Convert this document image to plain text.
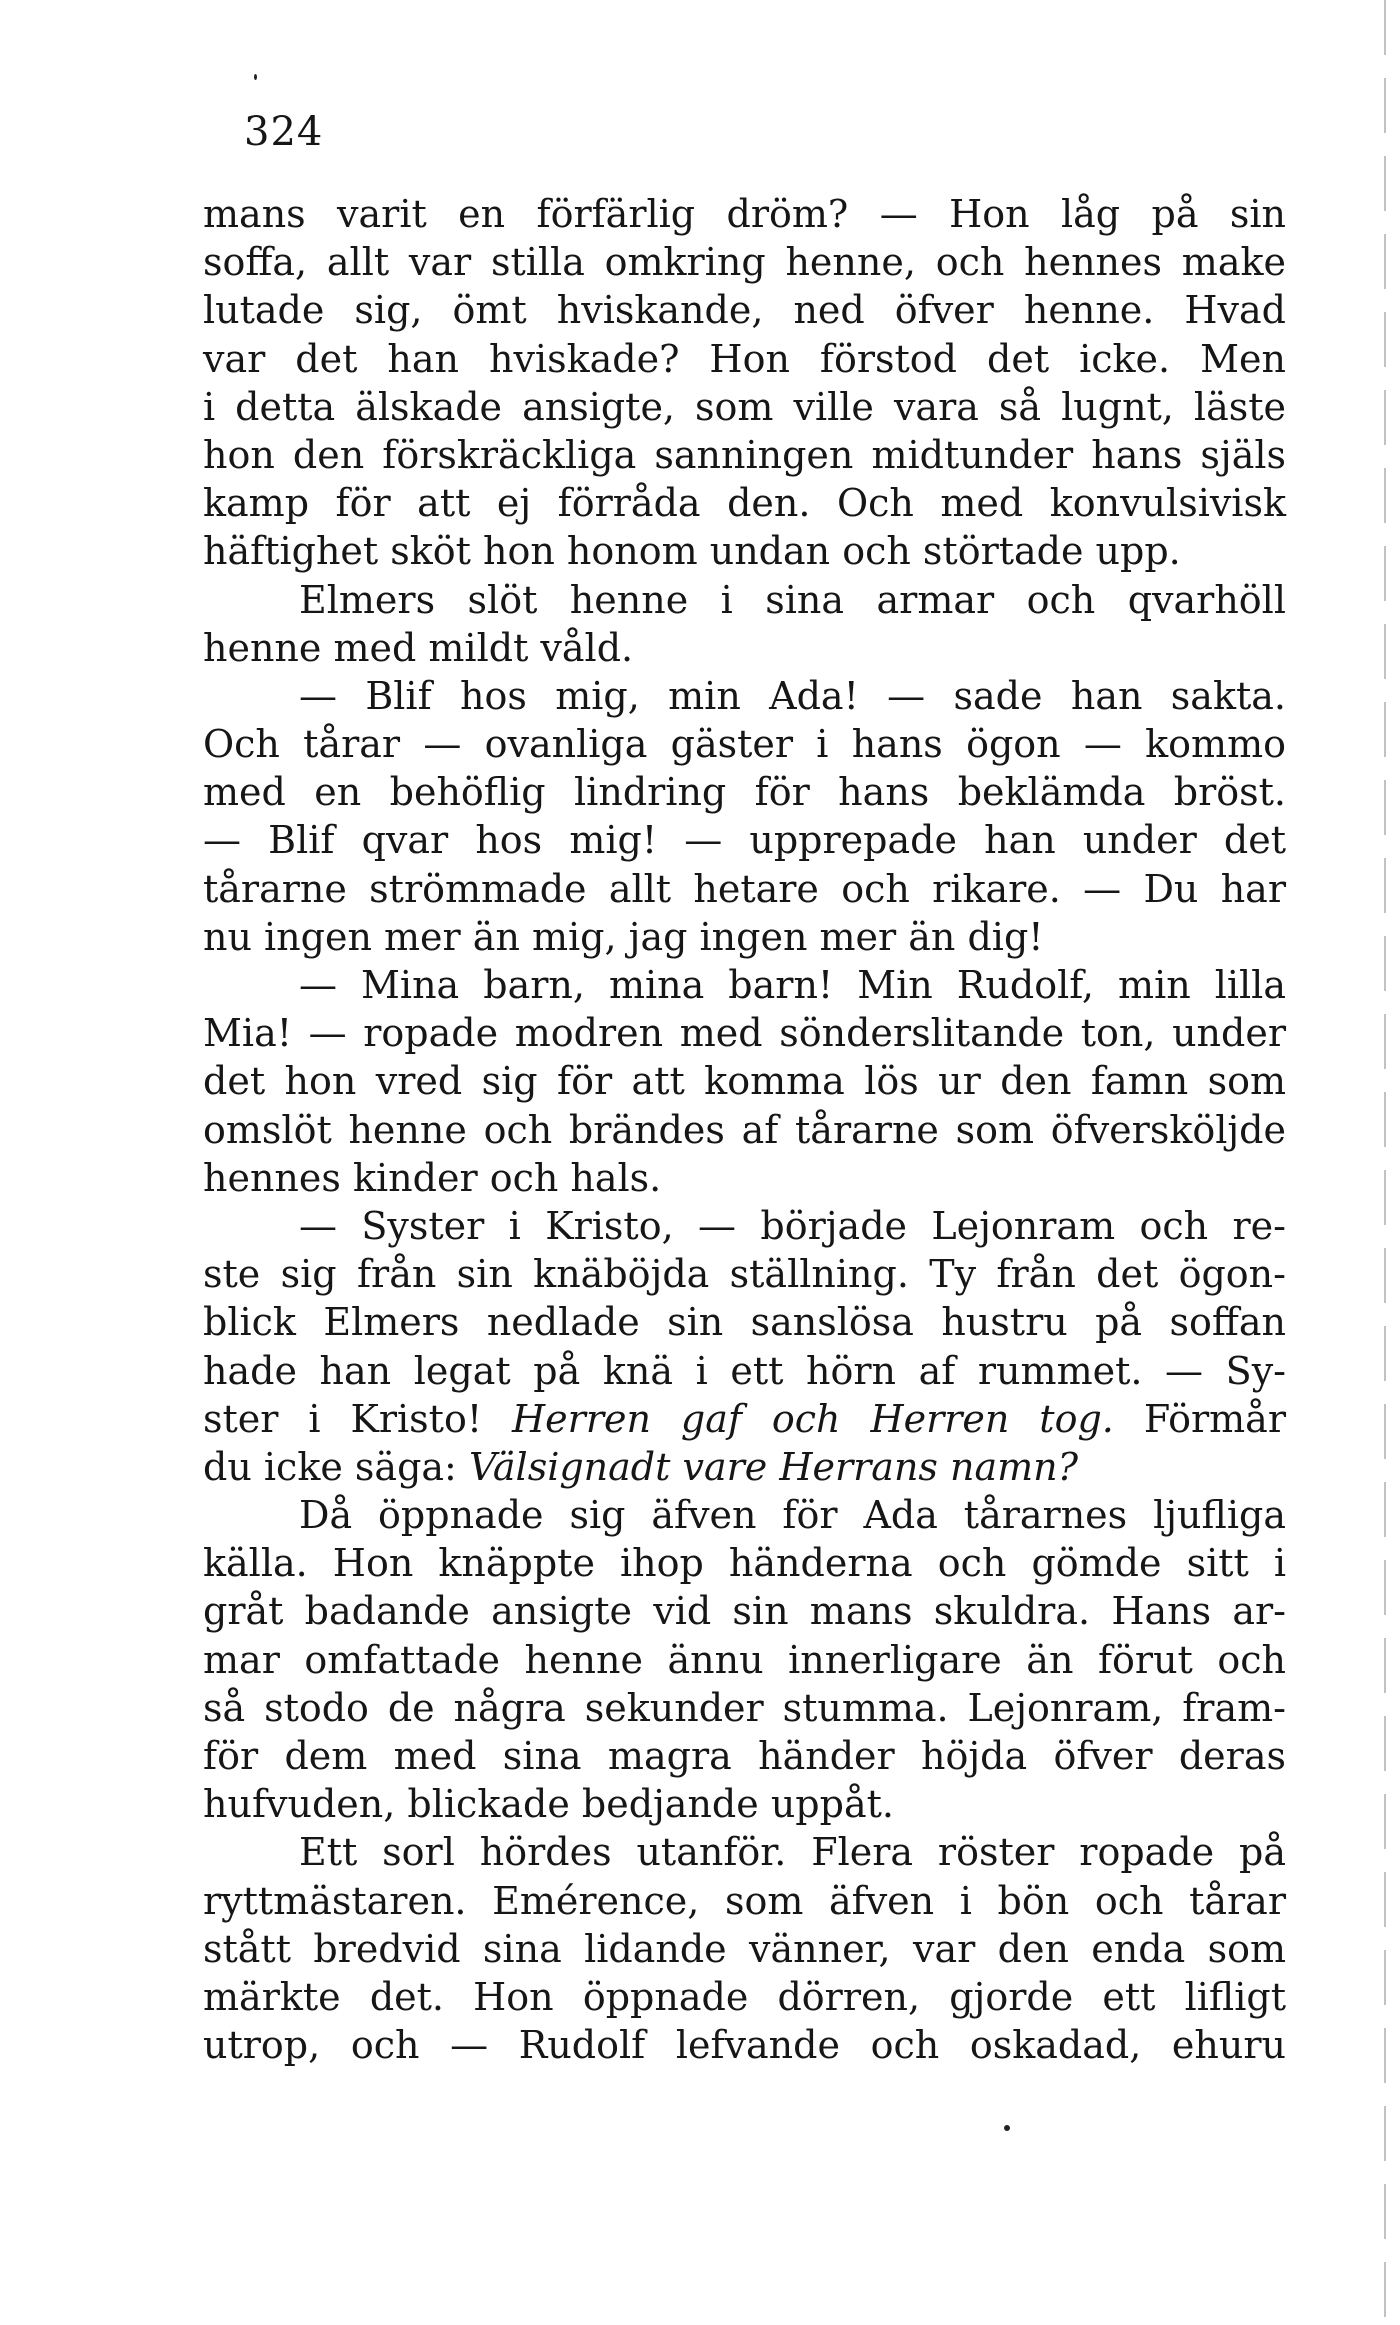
324
mans varit en förfärlig dröm? — Hon låg på sin
soffa, allt var stilla omkring henne, och hennes make
lutade sig, ömt hviskande, ned öfver henne. Hvad
var det han hviskade? Hon förstod det icke. Men
i detta älskade ansigte, som ville vara så lugnt, läste
hon den förskräckliga sanningen midtunder hans själs
kamp för att ej förråda den. Och med konvulsivisk
häftighet sköt hon honom undan och störtade upp.
Elmers slöt henne i sina armar och qvarhöll
henne med mildt våld.
— Blif hos mig, min Ada! — sade han sakta.
Och tårar — ovanliga gäster i hans ögon — kommo
med en behöflig lindring för hans beklämda bröst.
— Blif qvar hos mig! — upprepade han under det
tårarne strömmade allt hetare och rikare. — Du har
nu ingen mer än mig, jag ingen mer än dig!
— Mina barn, mina barn! Min Rudolf, min lilla
Mia! — ropade modren med sönderslitande ton, under
det hon vred sig för att komma lös ur den famn som
omslöt henne och brändes af tårarne som öfversköljde
hennes kinder och hals.
— Syster i Kristo, — började Lejonram och re-
ste sig från sin knäböjda ställning. Ty från det ögon-
blick Elmers nedlade sin sanslösa hustru på soffan
hade han legat på knä i ett hörn af rummet. — Sy-
ster i Kristo! Herren gaf och Herren tog. Förmår
du icke säga: Välsignadt vare Herrans namn?
Då öppnade sig äfven för Ada tårarnes ljufliga
källa. Hon knäppte ihop händerna och gömde sitt i
gråt badande ansigte vid sin mans skuldra. Hans ar-
mar omfattade henne ännu innerligare än förut och
så stodo de några sekunder stumma. Lejonram, fram-
för dem med sina magra händer höjda öfver deras
hufvuden, blickade bedjande uppåt.
Ett sorl hördes utanför. Flera röster ropade på
ryttmästaren. Emérence, som äfven i bön och tårar
stått bredvid sina lidande vänner, var den enda som
märkte det. Hon öppnade dörren, gjorde ett lifligt
utrop, och — Rudolf lefvande och oskadad, ehuru
